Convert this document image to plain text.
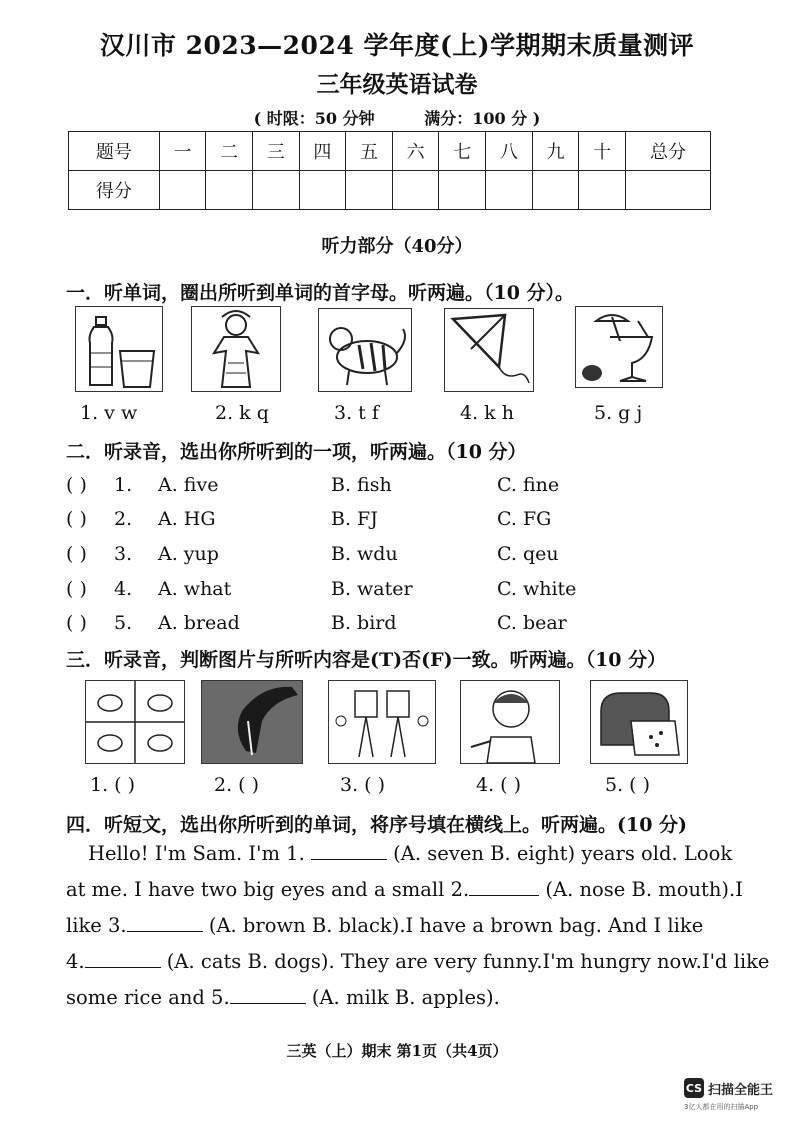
汉川市 2023—2024 学年度(上)学期期末质量测评
三年级英语试卷
( 时限：50 分钟	满分：100 分 )
题号	一	二	三	四	五	六	七	八	九	十	总分
得分											
听力部分（40分）
一．听单词，圈出所听到单词的首字母。听两遍。（10 分）。
1. v w	2. k q	3. t f	4. k h	5. g j
二．听录音，选出你所听到的一项，听两遍。（10 分）
( ) 1. A. five	B. fish	C. fine
( ) 2. A. HG	B. FJ	C. FG
( ) 3. A. yup	B. wdu	C. qeu
( ) 4. A. what	B. water	C. white
( ) 5. A. bread	B. bird	C. bear
三．听录音，判断图片与所听内容是(T)否(F)一致。听两遍。（10 分）
1. ( )	2. ( )	3. ( )	4. ( )	5. ( )
四．听短文，选出你所听到的单词，将序号填在横线上。听两遍。(10 分)
Hello! I'm Sam. I'm 1.	(A. seven B. eight) years old. Look
at me. I have two big eyes and a small 2.	(A. nose B. mouth).I
like 3.	(A. brown B. black).I have a brown bag. And I like
4.	(A. cats B. dogs). They are very funny.I'm hungry now.I'd like
some rice and 5.	(A. milk B. apples).
三英（上）期末 第1页（共4页）
CS 扫描全能王
3亿人都在用的扫描App
